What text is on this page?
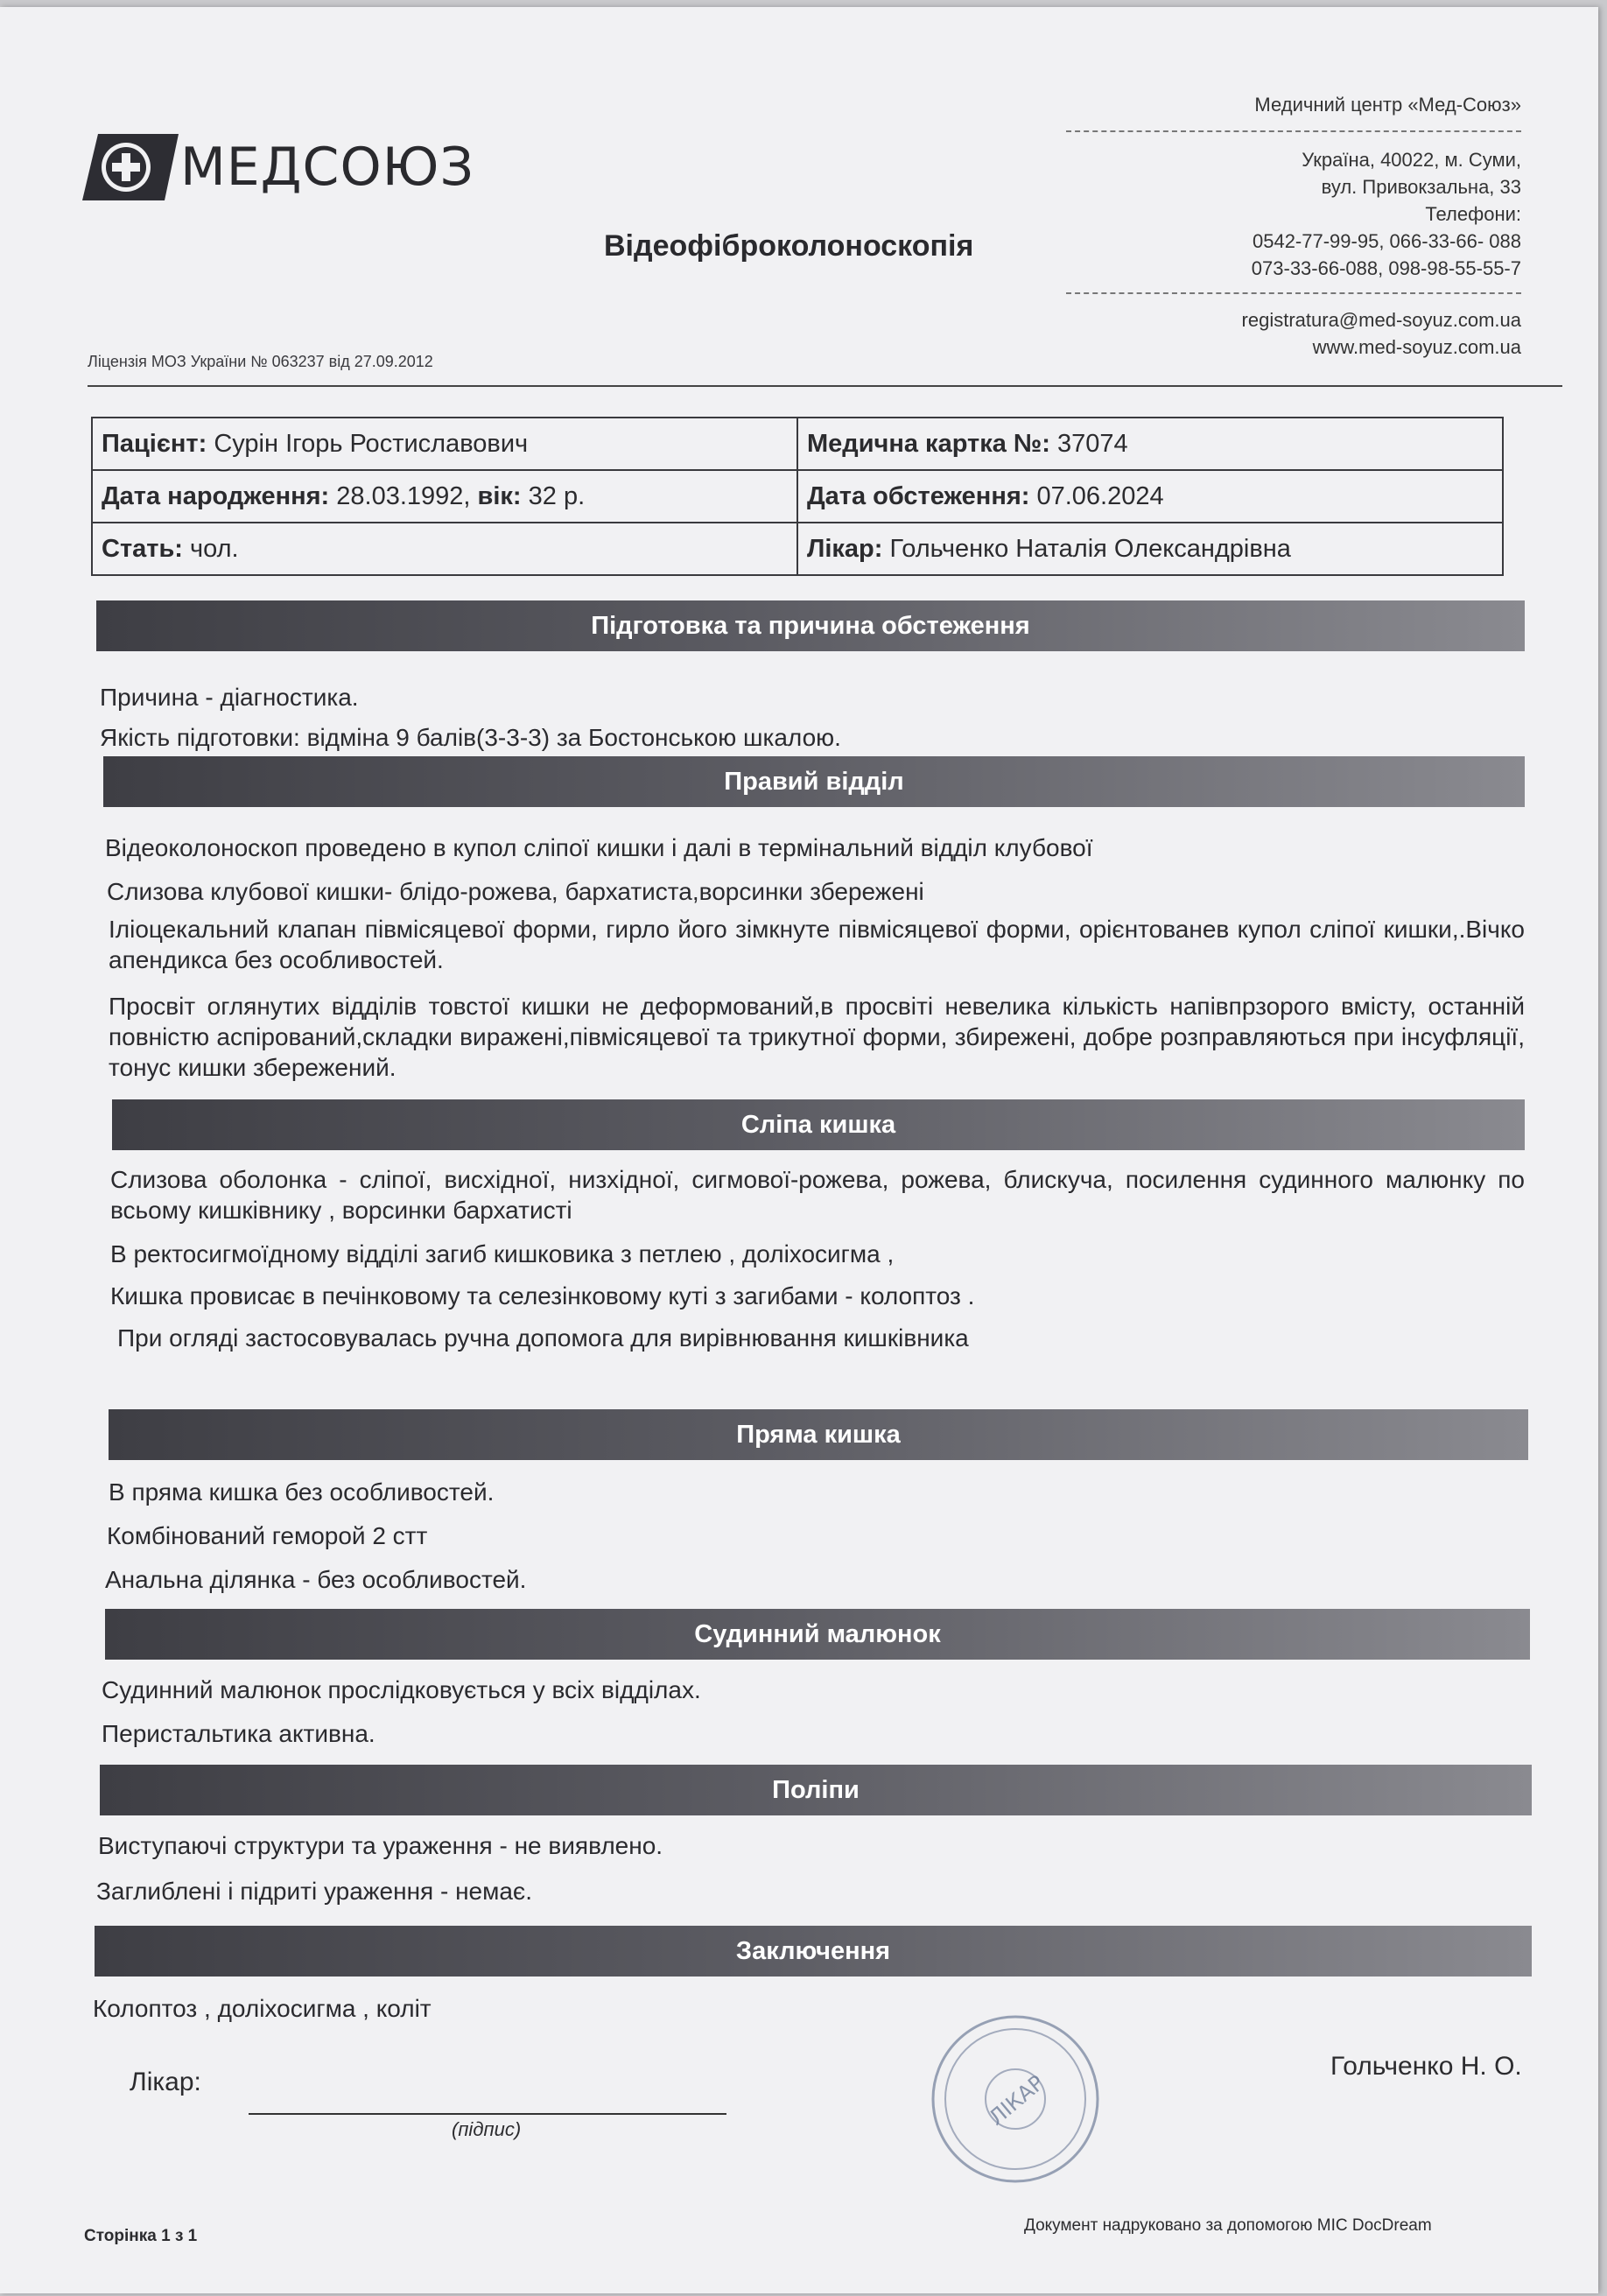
МЕДСОЮЗ
Відеофіброколоноскопія
Ліцензія МОЗ України № 063237 від 27.09.2012
Медичний центр «Мед-Союз»
Україна, 40022, м. Суми,
вул. Привокзальна, 33
Телефони:
0542-77-99-95, 066-33-66- 088
073-33-66-088, 098-98-55-55-7
registratura@med-soyuz.com.ua
www.med-soyuz.com.ua
Пацієнт: Сурін Ігорь Ростиславович	Медична картка №: 37074
Дата народження: 28.03.1992, вік: 32 р.	Дата обстеження: 07.06.2024
Стать: чол.	Лікар: Гольченко Наталія Олександрівна
Підготовка та причина обстеження
Причина - діагностика.
Якість підготовки: відміна 9 балів(3-3-3) за Бостонською шкалою.
Правий відділ
Відеоколоноскоп проведено в купол сліпої кишки і далі в термінальний відділ клубової
Слизова клубової кишки- блідо-рожева, бархатиста,ворсинки збережені
Іліоцекальний клапан півмісяцевої форми, гирло його зімкнуте півмісяцевої форми, орієнтованев купол сліпої кишки,.Вічко апендикса без особливостей.
Просвіт оглянутих відділів товстої кишки не деформований,в просвіті невелика кількість напівпрзорого вмісту, останній повністю аспірований,складки виражені,півмісяцевої та трикутної форми, збирежені, добре розправляються при інсуфляції, тонус кишки збережений.
Сліпа кишка
Слизова оболонка - сліпої, висхідної, низхідної, сигмової-рожева, рожева, блискуча, посилення судинного малюнку по всьому кишківнику , ворсинки бархатисті
В ректосигмоїдному відділі загиб кишковика з петлею , доліхосигма ,
Кишка провисає в печінковому та селезінковому куті з загибами - колоптоз .
При огляді застосовувалась ручна допомога для вирівнювання кишківника
Пряма кишка
В пряма кишка без особливостей.
Комбінований геморой 2 стт
Анальна ділянка - без особливостей.
Судинний малюнок
Судинний малюнок прослідковується у всіх відділах.
Перистальтика активна.
Поліпи
Виступаючі структури та ураження - не виявлено.
Заглиблені і підриті ураження - немає.
Заключення
Колоптоз , доліхосигма , коліт
Лікар:
(підпис)	ЛІКАР
Гольченко Н. О.
Сторінка 1 з 1
Документ надруковано за допомогою МІС DocDream
